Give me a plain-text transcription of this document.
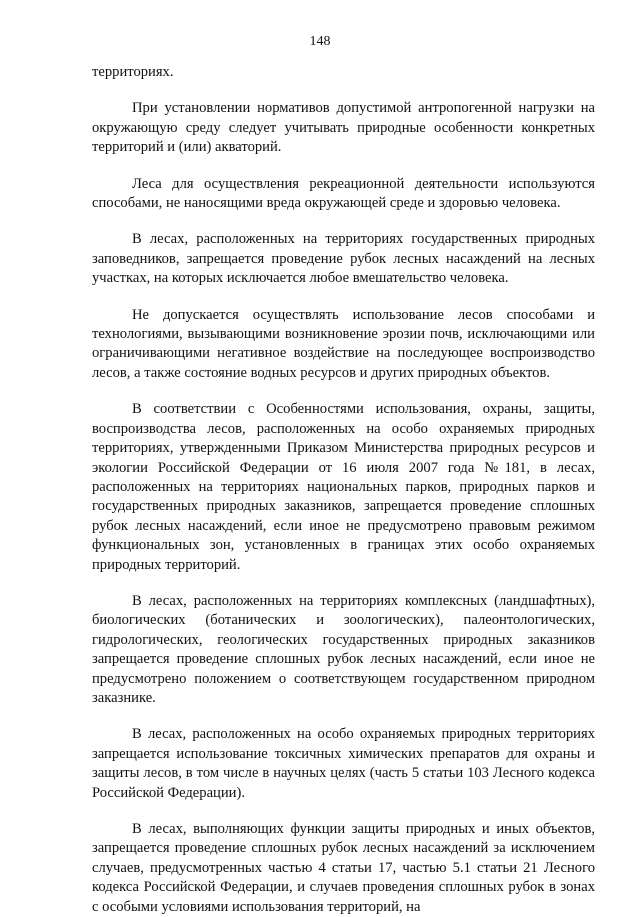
148

территориях.

При установлении нормативов допустимой антропогенной нагрузки на окружающую среду следует учитывать природные особенности конкретных территорий и (или) акваторий.

Леса для осуществления рекреационной деятельности используются способами, не наносящими вреда окружающей среде и здоровью человека.

В лесах, расположенных на территориях государственных природных заповедников, запрещается проведение рубок лесных насаждений на лесных участках, на которых исключается любое вмешательство человека.

Не допускается осуществлять использование лесов способами и технологиями, вызывающими возникновение эрозии почв, исключающими или ограничивающими негативное воздействие на последующее воспроизводство лесов, а также состояние водных ресурсов и других природных объектов.

В соответствии с Особенностями использования, охраны, защиты, воспроизводства лесов, расположенных на особо охраняемых природных территориях, утвержденными Приказом Министерства природных ресурсов и экологии Российской Федерации от 16 июля 2007 года №181, в лесах, расположенных на территориях национальных парков, природных парков и государственных природных заказников, запрещается проведение сплошных рубок лесных насаждений, если иное не предусмотрено правовым режимом функциональных зон, установленных в границах этих особо охраняемых природных территорий.

В лесах, расположенных на территориях комплексных (ландшафтных), биологических (ботанических и зоологических), палеонтологических, гидрологических, геологических государственных природных заказников запрещается проведение сплошных рубок лесных насаждений, если иное не предусмотрено положением о соответствующем государственном природном заказнике.

В лесах, расположенных на особо охраняемых природных территориях запрещается использование токсичных химических препаратов для охраны и защиты лесов, в том числе в научных целях (часть 5 статьи 103 Лесного кодекса Российской Федерации).

В лесах, выполняющих функции защиты природных и иных объектов, запрещается проведение сплошных рубок лесных насаждений за исключением случаев, предусмотренных частью 4 статьи 17, частью 5.1 статьи 21 Лесного кодекса Российской Федерации, и случаев проведения сплошных рубок в зонах с особыми условиями использования территорий, на
